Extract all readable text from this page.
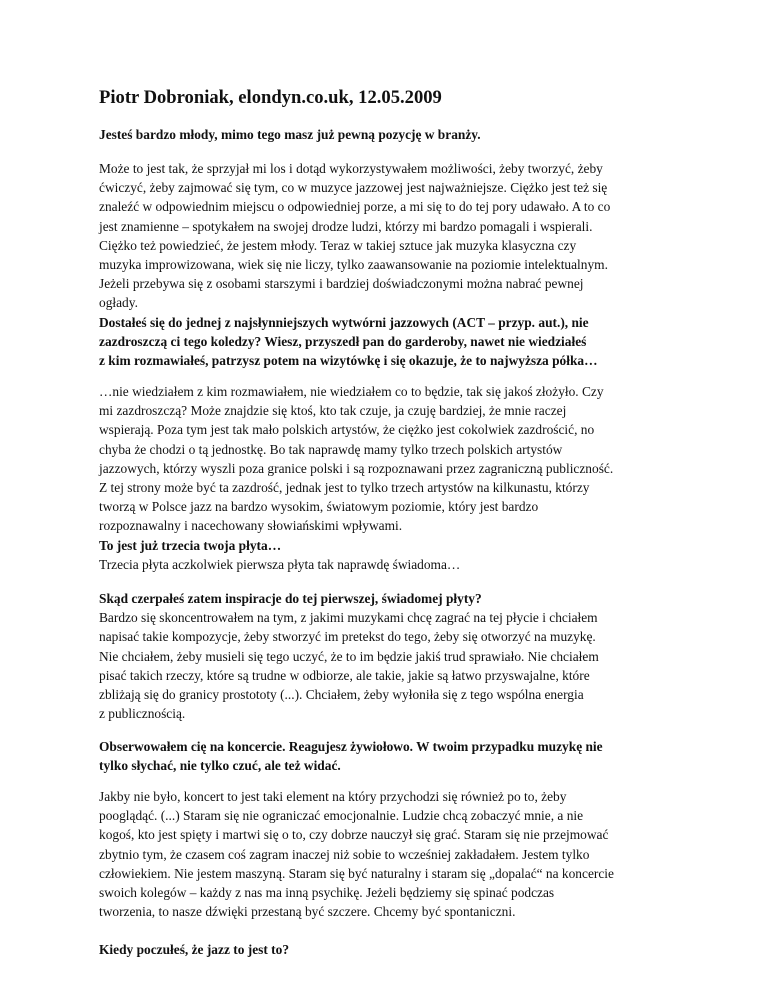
Piotr Dobroniak, elondyn.co.uk, 12.05.2009

Jesteś bardzo młody, mimo tego masz już pewną pozycję w branży.

Może to jest tak, że sprzyjał mi los i dotąd wykorzystywałem możliwości, żeby tworzyć, żeby
ćwiczyć, żeby zajmować się tym, co w muzyce jazzowej jest najważniejsze. Ciężko jest też się
znaleźć w odpowiednim miejscu o odpowiedniej porze, a mi się to do tej pory udawało. A to co
jest znamienne – spotykałem na swojej drodze ludzi, którzy mi bardzo pomagali i wspierali.
Ciężko też powiedzieć, że jestem młody. Teraz w takiej sztuce jak muzyka klasyczna czy
muzyka improwizowana, wiek się nie liczy, tylko zaawansowanie na poziomie intelektualnym.
Jeżeli przebywa się z osobami starszymi i bardziej doświadczonymi można nabrać pewnej
ogłady.

Dostałeś się do jednej z najsłynniejszych wytwórni jazzowych (ACT – przyp. aut.), nie
zazdroszczą ci tego koledzy? Wiesz, przyszedł pan do garderoby, nawet nie wiedziałeś
z kim rozmawiałeś, patrzysz potem na wizytówkę i się okazuje, że to najwyższa półka…

…nie wiedziałem z kim rozmawiałem, nie wiedziałem co to będzie, tak się jakoś złożyło. Czy
mi zazdroszczą? Może znajdzie się ktoś, kto tak czuje, ja czuję bardziej, że mnie raczej
wspierają. Poza tym jest tak mało polskich artystów, że ciężko jest cokolwiek zazdrościć, no
chyba że chodzi o tą jednostkę. Bo tak naprawdę mamy tylko trzech polskich artystów
jazzowych, którzy wyszli poza granice polski i są rozpoznawani przez zagraniczną publiczność.
Z tej strony może być ta zazdrość, jednak jest to tylko trzech artystów na kilkunastu, którzy
tworzą w Polsce jazz na bardzo wysokim, światowym poziomie, który jest bardzo
rozpoznawalny i nacechowany słowiańskimi wpływami.

To jest już trzecia twoja płyta…

Trzecia płyta aczkolwiek pierwsza płyta tak naprawdę świadoma…

Skąd czerpałeś zatem inspiracje do tej pierwszej, świadomej płyty?

Bardzo się skoncentrowałem na tym, z jakimi muzykami chcę zagrać na tej płycie i chciałem
napisać takie kompozycje, żeby stworzyć im pretekst do tego, żeby się otworzyć na muzykę.
Nie chciałem, żeby musieli się tego uczyć, że to im będzie jakiś trud sprawiało. Nie chciałem
pisać takich rzeczy, które są trudne w odbiorze, ale takie, jakie są łatwo przyswajalne, które
zbliżają się do granicy prostototy (...). Chciałem, żeby wyłoniła się z tego wspólna energia
z publicznością.

Obserwowałem cię na koncercie. Reagujesz żywiołowo. W twoim przypadku muzykę nie
tylko słychać, nie tylko czuć, ale też widać.

Jakby nie było, koncert to jest taki element na który przychodzi się również po to, żeby
pooglądąć. (...) Staram się nie ograniczać emocjonalnie. Ludzie chcą zobaczyć mnie, a nie
kogoś, kto jest spięty i martwi się o to, czy dobrze nauczył się grać. Staram się nie przejmować
zbytnio tym, że czasem coś zagram inaczej niż sobie to wcześniej zakładałem. Jestem tylko
człowiekiem. Nie jestem maszyną. Staram się być naturalny i staram się „dopalać“ na koncercie
swoich kolegów – każdy z nas ma inną psychikę. Jeżeli będziemy się spinać podczas
tworzenia, to nasze dźwięki przestaną być szczere. Chcemy być spontaniczni.

Kiedy poczułeś, że jazz to jest to?
